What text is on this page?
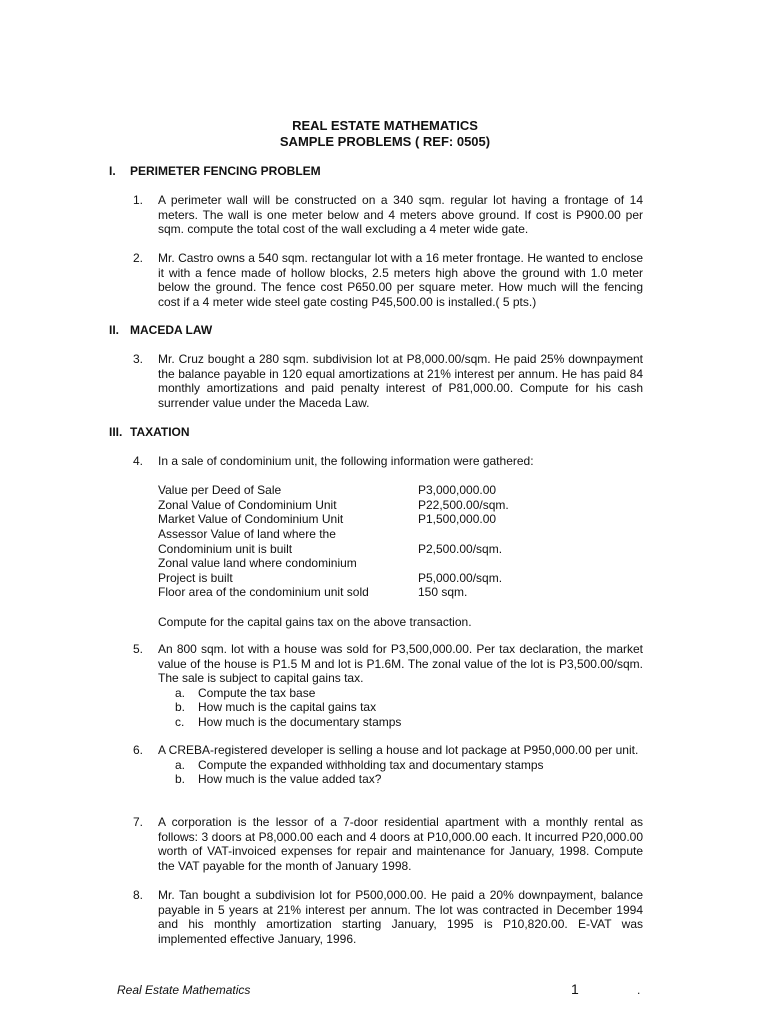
REAL ESTATE MATHEMATICS
SAMPLE PROBLEMS ( REF: 0505)
I. PERIMETER FENCING PROBLEM
1. A perimeter wall will be constructed on a 340 sqm. regular lot having a frontage of 14 meters. The wall is one meter below and 4 meters above ground. If cost is P900.00 per sqm. compute the total cost of the wall excluding a 4 meter wide gate.
2. Mr. Castro owns a 540 sqm. rectangular lot with a 16 meter frontage. He wanted to enclose it with a fence made of hollow blocks, 2.5 meters high above the ground with 1.0 meter below the ground. The fence cost P650.00 per square meter. How much will the fencing cost if a 4 meter wide steel gate costing P45,500.00 is installed.( 5 pts.)
II. MACEDA LAW
3. Mr. Cruz bought a 280 sqm. subdivision lot at P8,000.00/sqm. He paid 25% downpayment the balance payable in 120 equal amortizations at 21% interest per annum. He has paid 84 monthly amortizations and paid penalty interest of P81,000.00. Compute for his cash surrender value under the Maceda Law.
III. TAXATION
4. In a sale of condominium unit, the following information were gathered:
Value per Deed of Sale	P3,000,000.00
Zonal Value of Condominium Unit	P22,500.00/sqm.
Market Value of Condominium Unit	P1,500,000.00
Assessor Value of land where the
Condominium unit is built	P2,500.00/sqm.
Zonal value land where condominium
Project is built	P5,000.00/sqm.
Floor area of the condominium unit sold	150 sqm.
Compute for the capital gains tax on the above transaction.
5. An 800 sqm. lot with a house was sold for P3,500,000.00. Per tax declaration, the market value of the house is P1.5 M and lot is P1.6M. The zonal value of the lot is P3,500.00/sqm. The sale is subject to capital gains tax.
a. Compute the tax base
b. How much is the capital gains tax
c. How much is the documentary stamps
6. A CREBA-registered developer is selling a house and lot package at P950,000.00 per unit.
a. Compute the expanded withholding tax and documentary stamps
b. How much is the value added tax?
7. A corporation is the lessor of a 7-door residential apartment with a monthly rental as follows: 3 doors at P8,000.00 each and 4 doors at P10,000.00 each. It incurred P20,000.00 worth of VAT-invoiced expenses for repair and maintenance for January, 1998. Compute the VAT payable for the month of January 1998.
8. Mr. Tan bought a subdivision lot for P500,000.00. He paid a 20% downpayment, balance payable in 5 years at 21% interest per annum. The lot was contracted in December 1994 and his monthly amortization starting January, 1995 is P10,820.00. E-VAT was implemented effective January, 1996.
Real Estate Mathematics	1	.
